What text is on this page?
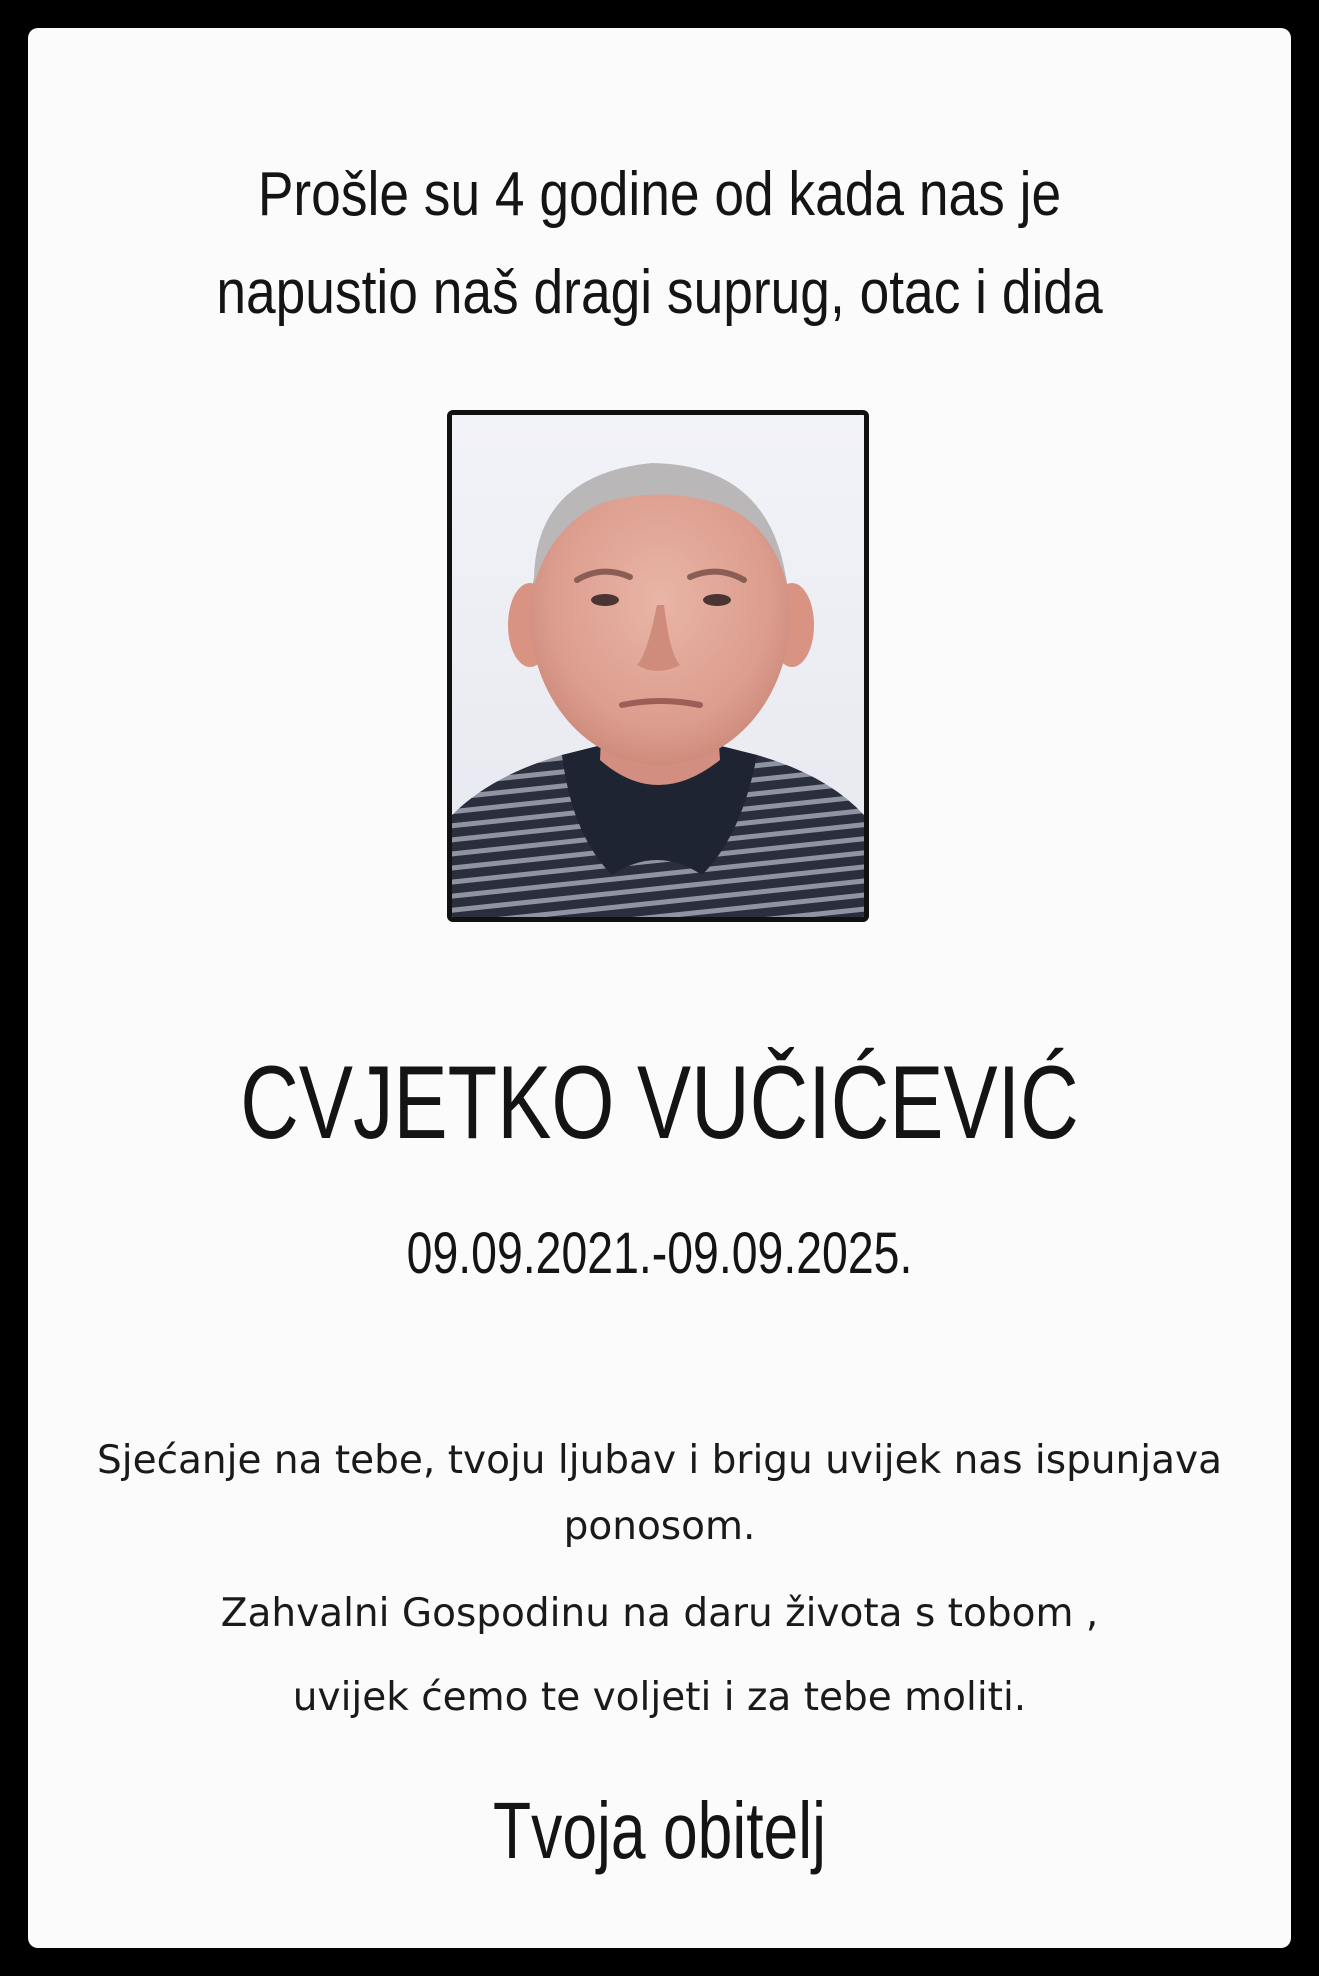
Prošle su 4 godine od kada nas je
napustio naš dragi suprug, otac i dida
CVJETKO VUČIĆEVIĆ
09.09.2021.-09.09.2025.
Sjećanje na tebe, tvoju ljubav i brigu uvijek nas ispunjava ponosom.
Zahvalni Gospodinu na daru života s tobom ,
uvijek ćemo te voljeti i za tebe moliti.
Tvoja obitelj
